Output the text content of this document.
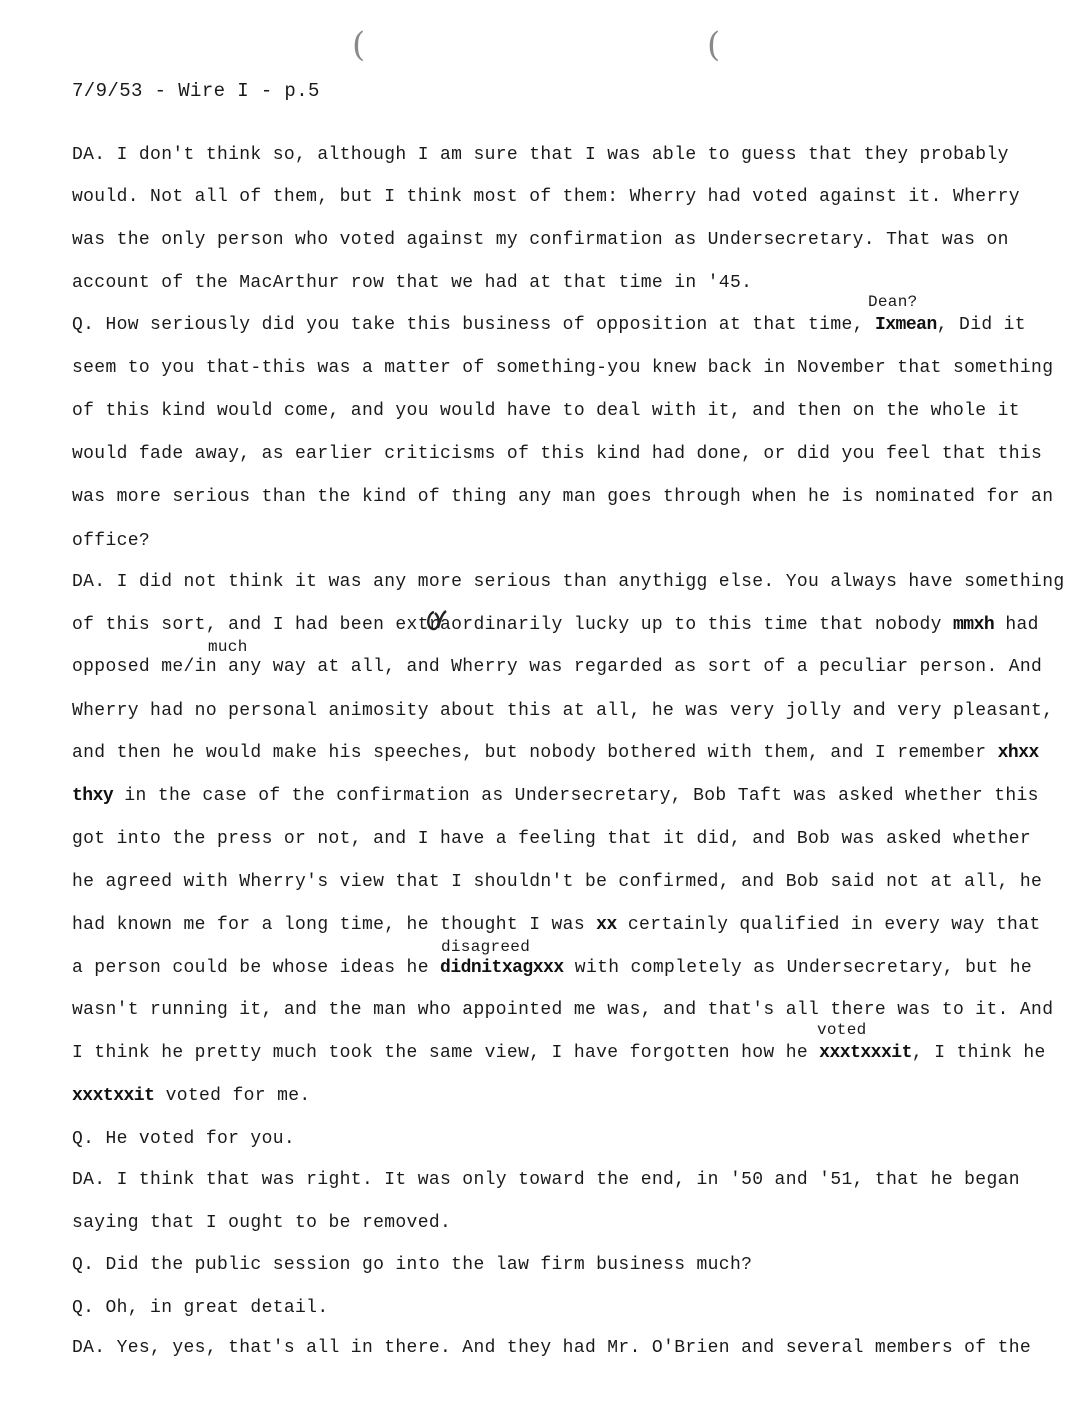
(	(
7/9/53 - Wire I - p.5
DA. I don't think so, although I am sure that I was able to guess that they probably
would. Not all of them, but I think most of them: Wherry had voted against it. Wherry
was the only person who voted against my confirmation as Undersecretary. That was on
account of the MacArthur row that we had at that time in '45.
Dean?
Q. How seriously did you take this business of opposition at that time, Ixmean, Did it
seem to you that-this was a matter of something-you knew back in November that something
of this kind would come, and you would have to deal with it, and then on the whole it
would fade away, as earlier criticisms of this kind had done, or did you feel that this
was more serious than the kind of thing any man goes through when he is nominated for an
office?
DA. I did not think it was any more serious than anythigg else. You always have something
of this sort, and I had been extraordinarily lucky up to this time that nobody mmxh had
much
opposed me/in any way at all, and Wherry was regarded as sort of a peculiar person. And
Wherry had no personal animosity about this at all, he was very jolly and very pleasant,
and then he would make his speeches, but nobody bothered with them, and I remember xhxx
thxy in the case of the confirmation as Undersecretary, Bob Taft was asked whether this
got into the press or not, and I have a feeling that it did, and Bob was asked whether
he agreed with Wherry's view that I shouldn't be confirmed, and Bob said not at all, he
had known me for a long time, he thought I was xx certainly qualified in every way that
disagreed
a person could be whose ideas he didnitxagxxx with completely as Undersecretary, but he
wasn't running it, and the man who appointed me was, and that's all there was to it. And
voted
I think he pretty much took the same view, I have forgotten how he xxxtxxxit, I think he
xxxtxxit voted for me.
Q. He voted for you.
DA. I think that was right. It was only toward the end, in '50 and '51, that he began
saying that I ought to be removed.
Q. Did the public session go into the law firm business much?
Q. Oh, in great detail.
DA. Yes, yes, that's all in there. And they had Mr. O'Brien and several members of the
